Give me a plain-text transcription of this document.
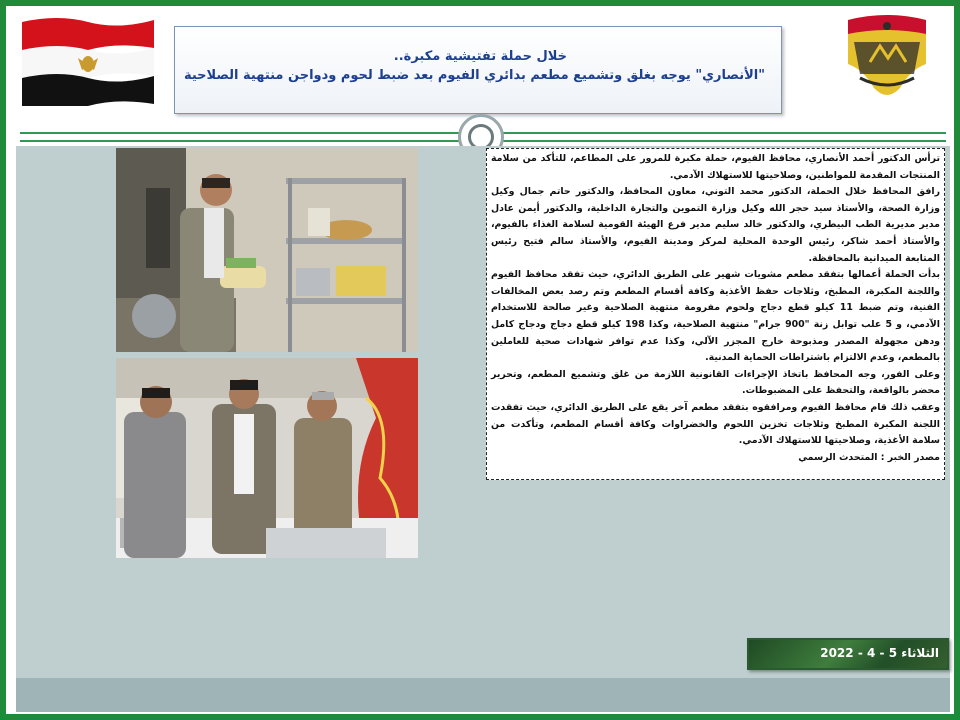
خلال حملة تفتيشية مكبرة..
"الأنصاري" يوجه بغلق وتشميع مطعم بدائري الفيوم بعد ضبط لحوم ودواجن منتهية الصلاحية

ترأس الدكتور أحمد الأنصاري، محافظ الفيوم، حملة مكبرة للمرور على المطاعم، للتأكد من سلامة المنتجات المقدمة للمواطنين، وصلاحيتها للاستهلاك الآدمي.

رافق المحافظ خلال الحملة، الدكتور محمد التوني، معاون المحافظ، والدكتور حاتم جمال وكيل وزارة الصحة، والأستاذ سيد حجر الله وكيل وزارة التموين والتجارة الداخلية، والدكتور أيمن عادل مدير مديرية الطب البيطري، والدكتور خالد سليم مدير فرع الهيئة القومية لسلامة الغذاء بالفيوم، والأستاذ أحمد شاكر، رئيس الوحدة المحلية لمركز ومدينة الفيوم، والأستاذ سالم فتيح رئيس المتابعة الميدانية بالمحافظة.

بدأت الحملة أعمالها بتفقد مطعم مشويات شهير على الطريق الدائري، حيث تفقد محافظ الفيوم واللجنة المكبرة، المطبخ، وثلاجات حفظ الأغذية وكافة أقسام المطعم وتم رصد بعض المخالفات الفنية، وتم ضبط 11 كيلو قطع دجاج ولحوم مفرومة منتهية الصلاحية وغير صالحة للاستخدام الآدمي، و 5 علب توابل زنة "900 جرام" منتهية الصلاحية، وكذا 198 كيلو قطع دجاج ودجاج كامل ودهن مجهولة المصدر ومذبوحة خارج المجزر الآلي، وكذا عدم توافر شهادات صحية للعاملين بالمطعم، وعدم الالتزام باشتراطات الحماية المدنية.

وعلى الفور، وجه المحافظ باتخاذ الإجراءات القانونية اللازمة من غلق وتشميع المطعم، وتحرير محضر بالواقعة، والتحفظ على المضبوطات.

وعقب ذلك قام محافظ الفيوم ومرافقوه بتفقد مطعم آخر يقع على الطريق الدائري، حيث تفقدت اللجنة المكبرة المطبخ وثلاجات تخزين اللحوم والخضراوات وكافة أقسام المطعم، وتأكدت من سلامة الأغذية، وصلاحيتها للاستهلاك الآدمي.

مصدر الخبر : المتحدث الرسمي

الثلاثاء 5 - 4 - 2022
